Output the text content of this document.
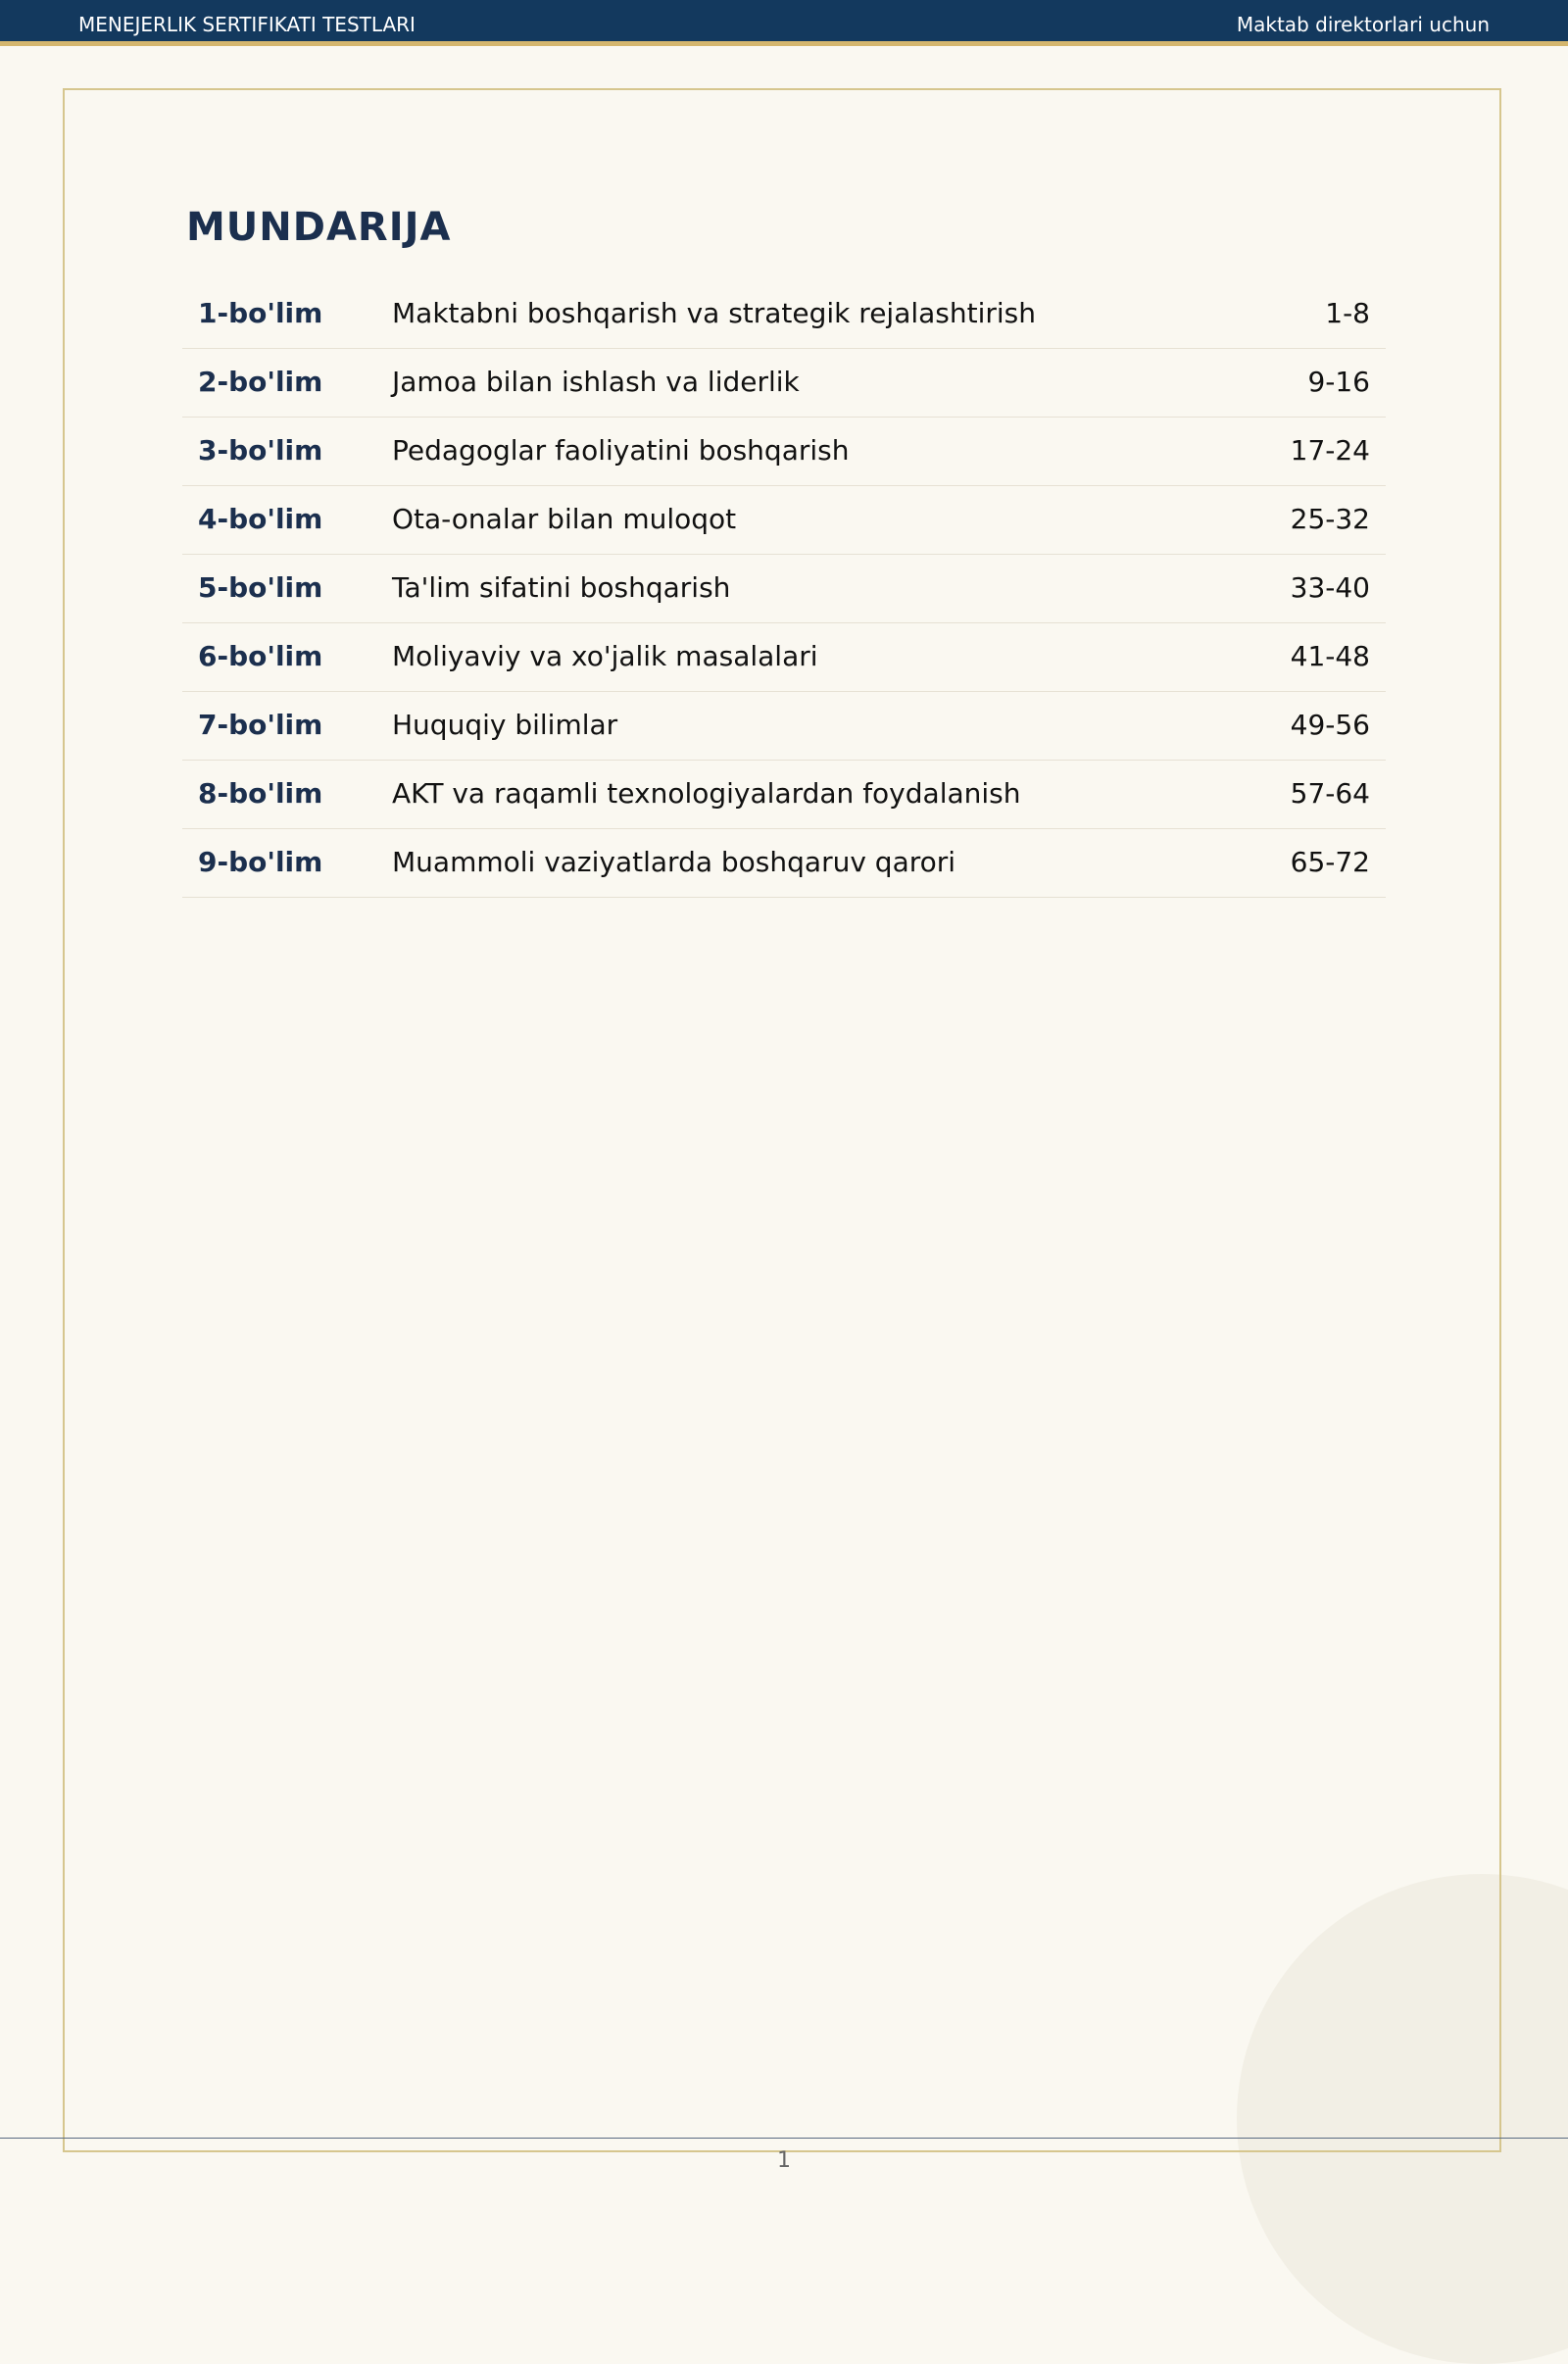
MENEJERLIK SERTIFIKATI TESTLARI	Maktab direktorlari uchun
MUNDARIJA
1-bo'lim	Maktabni boshqarish va strategik rejalashtirish	1-8
2-bo'lim	Jamoa bilan ishlash va liderlik	9-16
3-bo'lim	Pedagoglar faoliyatini boshqarish	17-24
4-bo'lim	Ota-onalar bilan muloqot	25-32
5-bo'lim	Ta'lim sifatini boshqarish	33-40
6-bo'lim	Moliyaviy va xo'jalik masalalari	41-48
7-bo'lim	Huquqiy bilimlar	49-56
8-bo'lim	AKT va raqamli texnologiyalardan foydalanish	57-64
9-bo'lim	Muammoli vaziyatlarda boshqaruv qarori	65-72
1
